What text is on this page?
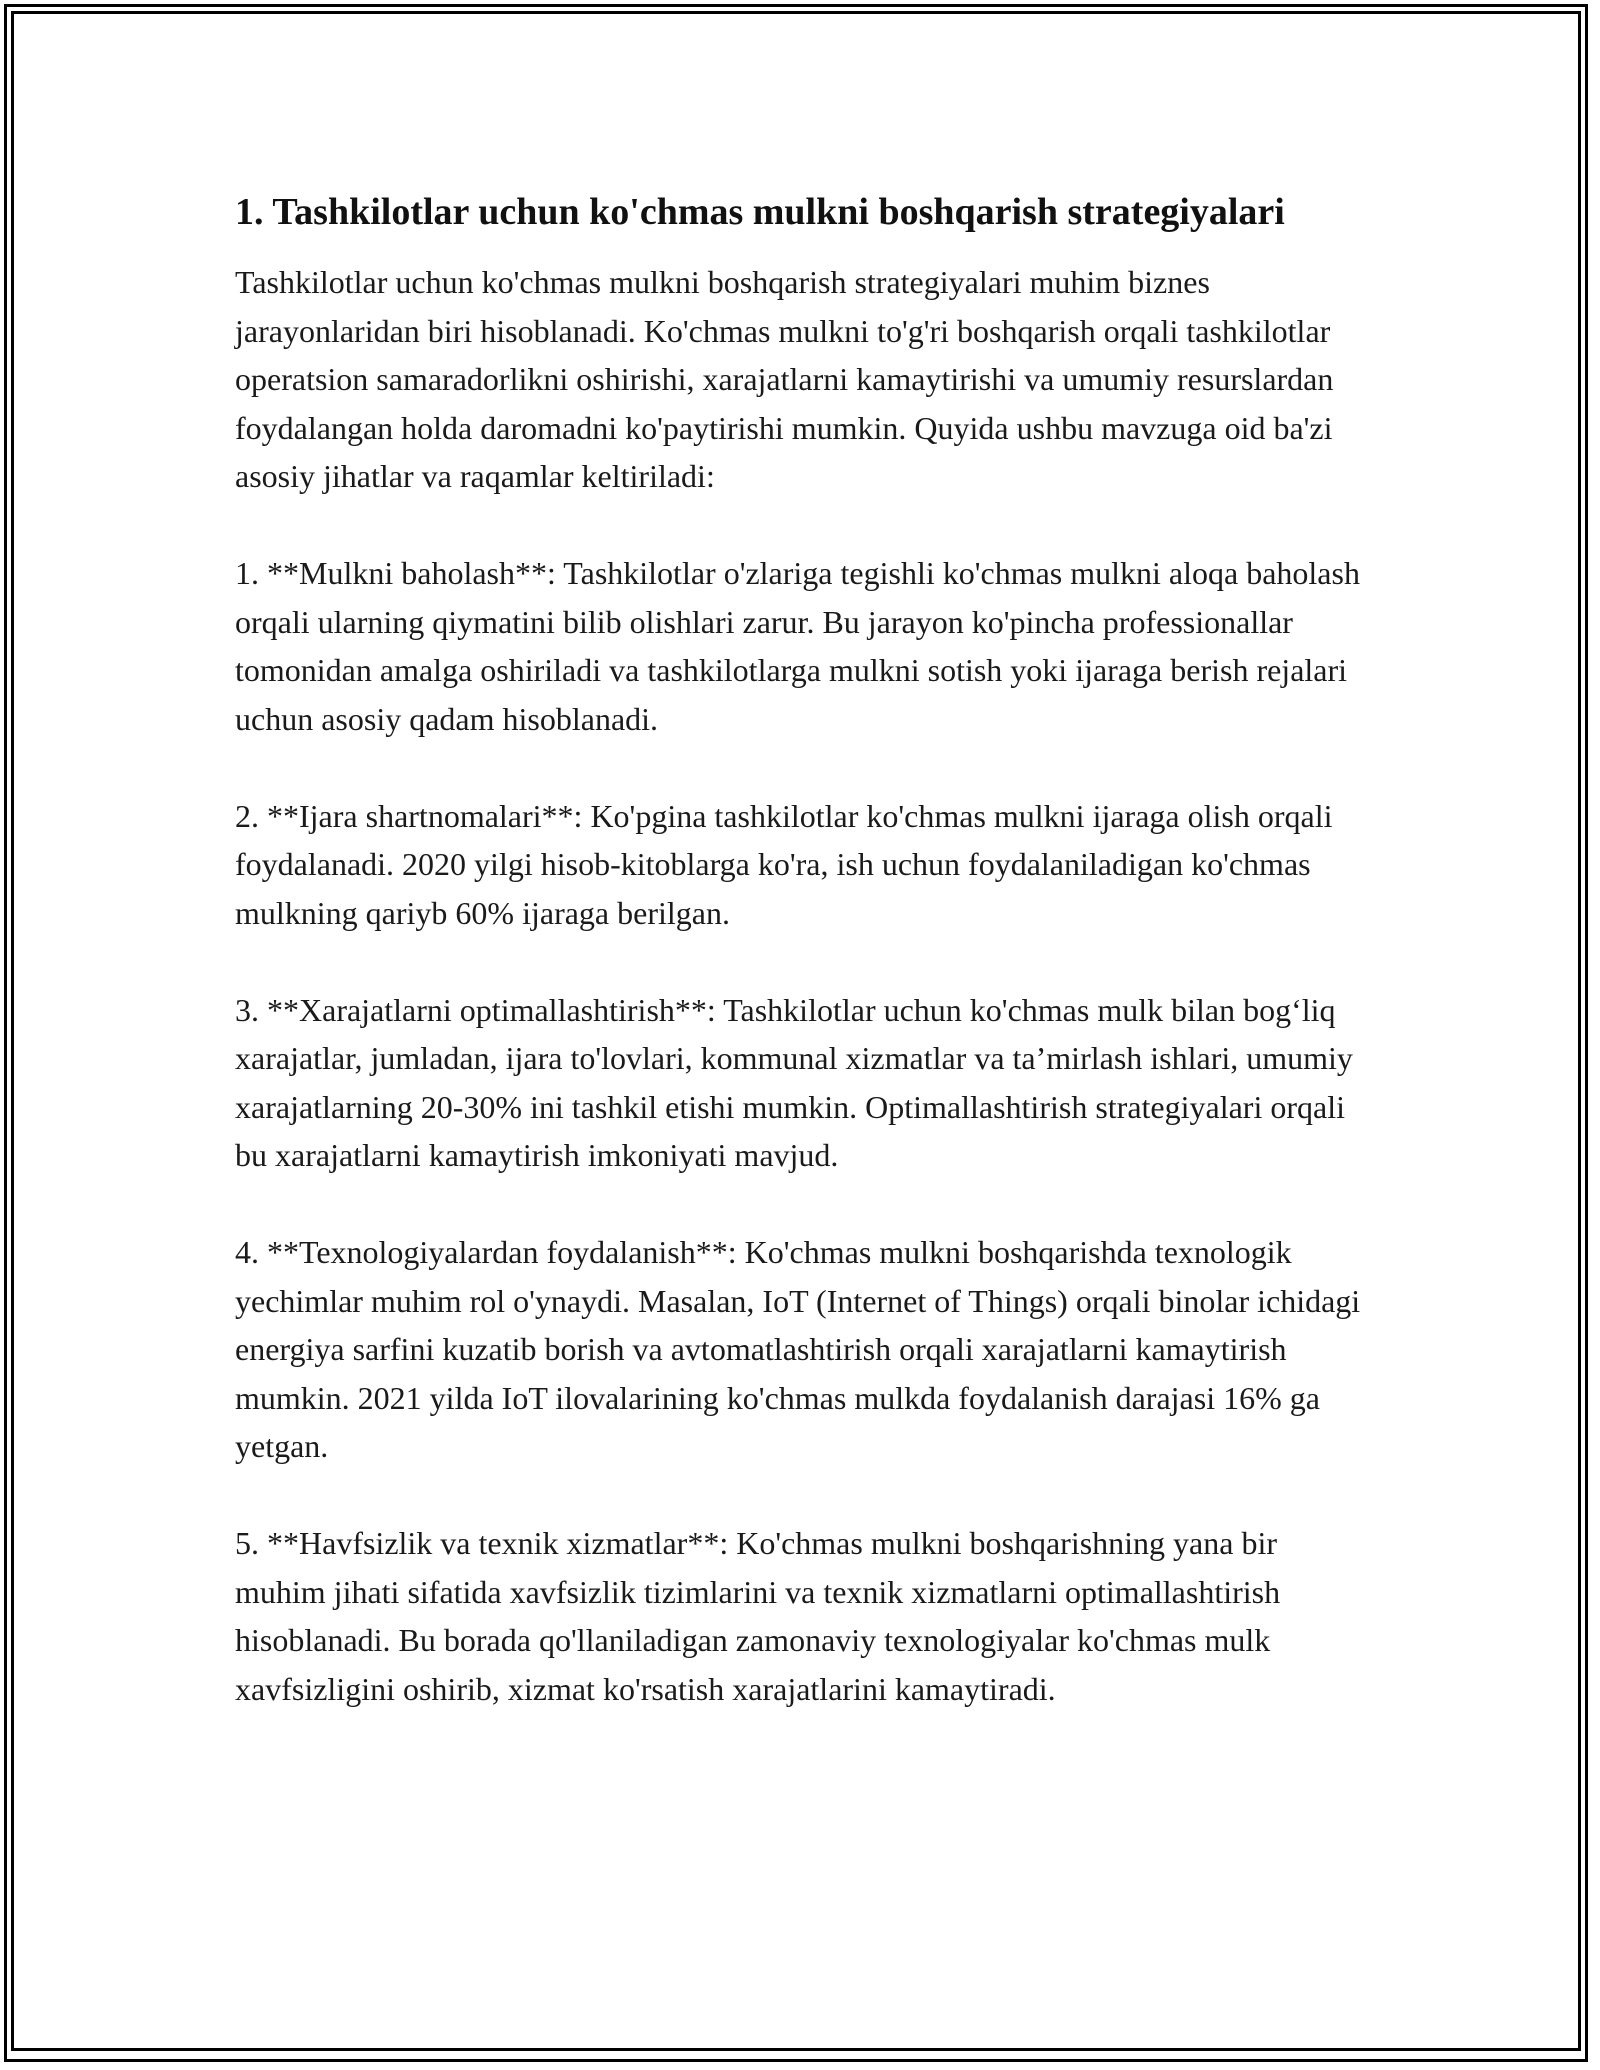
1. Tashkilotlar uchun ko'chmas mulkni boshqarish strategiyalari

Tashkilotlar uchun ko'chmas mulkni boshqarish strategiyalari muhim biznes jarayonlaridan biri hisoblanadi. Ko'chmas mulkni to'g'ri boshqarish orqali tashkilotlar operatsion samaradorlikni oshirishi, xarajatlarni kamaytirishi va umumiy resurslardan foydalangan holda daromadni ko'paytirishi mumkin. Quyida ushbu mavzuga oid ba'zi asosiy jihatlar va raqamlar keltiriladi:

1. **Mulkni baholash**: Tashkilotlar o'zlariga tegishli ko'chmas mulkni aloqa baholash orqali ularning qiymatini bilib olishlari zarur. Bu jarayon ko'pincha professionallar tomonidan amalga oshiriladi va tashkilotlarga mulkni sotish yoki ijaraga berish rejalari uchun asosiy qadam hisoblanadi.

2. **Ijara shartnomalari**: Ko'pgina tashkilotlar ko'chmas mulkni ijaraga olish orqali foydalanadi. 2020 yilgi hisob-kitoblarga ko'ra, ish uchun foydalaniladigan ko'chmas mulkning qariyb 60% ijaraga berilgan.

3. **Xarajatlarni optimallashtirish**: Tashkilotlar uchun ko'chmas mulk bilan bog‘liq xarajatlar, jumladan, ijara to'lovlari, kommunal xizmatlar va ta’mirlash ishlari, umumiy xarajatlarning 20-30% ini tashkil etishi mumkin. Optimallashtirish strategiyalari orqali bu xarajatlarni kamaytirish imkoniyati mavjud.

4. **Texnologiyalardan foydalanish**: Ko'chmas mulkni boshqarishda texnologik yechimlar muhim rol o'ynaydi. Masalan, IoT (Internet of Things) orqali binolar ichidagi energiya sarfini kuzatib borish va avtomatlashtirish orqali xarajatlarni kamaytirish mumkin. 2021 yilda IoT ilovalarining ko'chmas mulkda foydalanish darajasi 16% ga yetgan.

5. **Havfsizlik va texnik xizmatlar**: Ko'chmas mulkni boshqarishning yana bir muhim jihati sifatida xavfsizlik tizimlarini va texnik xizmatlarni optimallashtirish hisoblanadi. Bu borada qo'llaniladigan zamonaviy texnologiyalar ko'chmas mulk xavfsizligini oshirib, xizmat ko'rsatish xarajatlarini kamaytiradi.
